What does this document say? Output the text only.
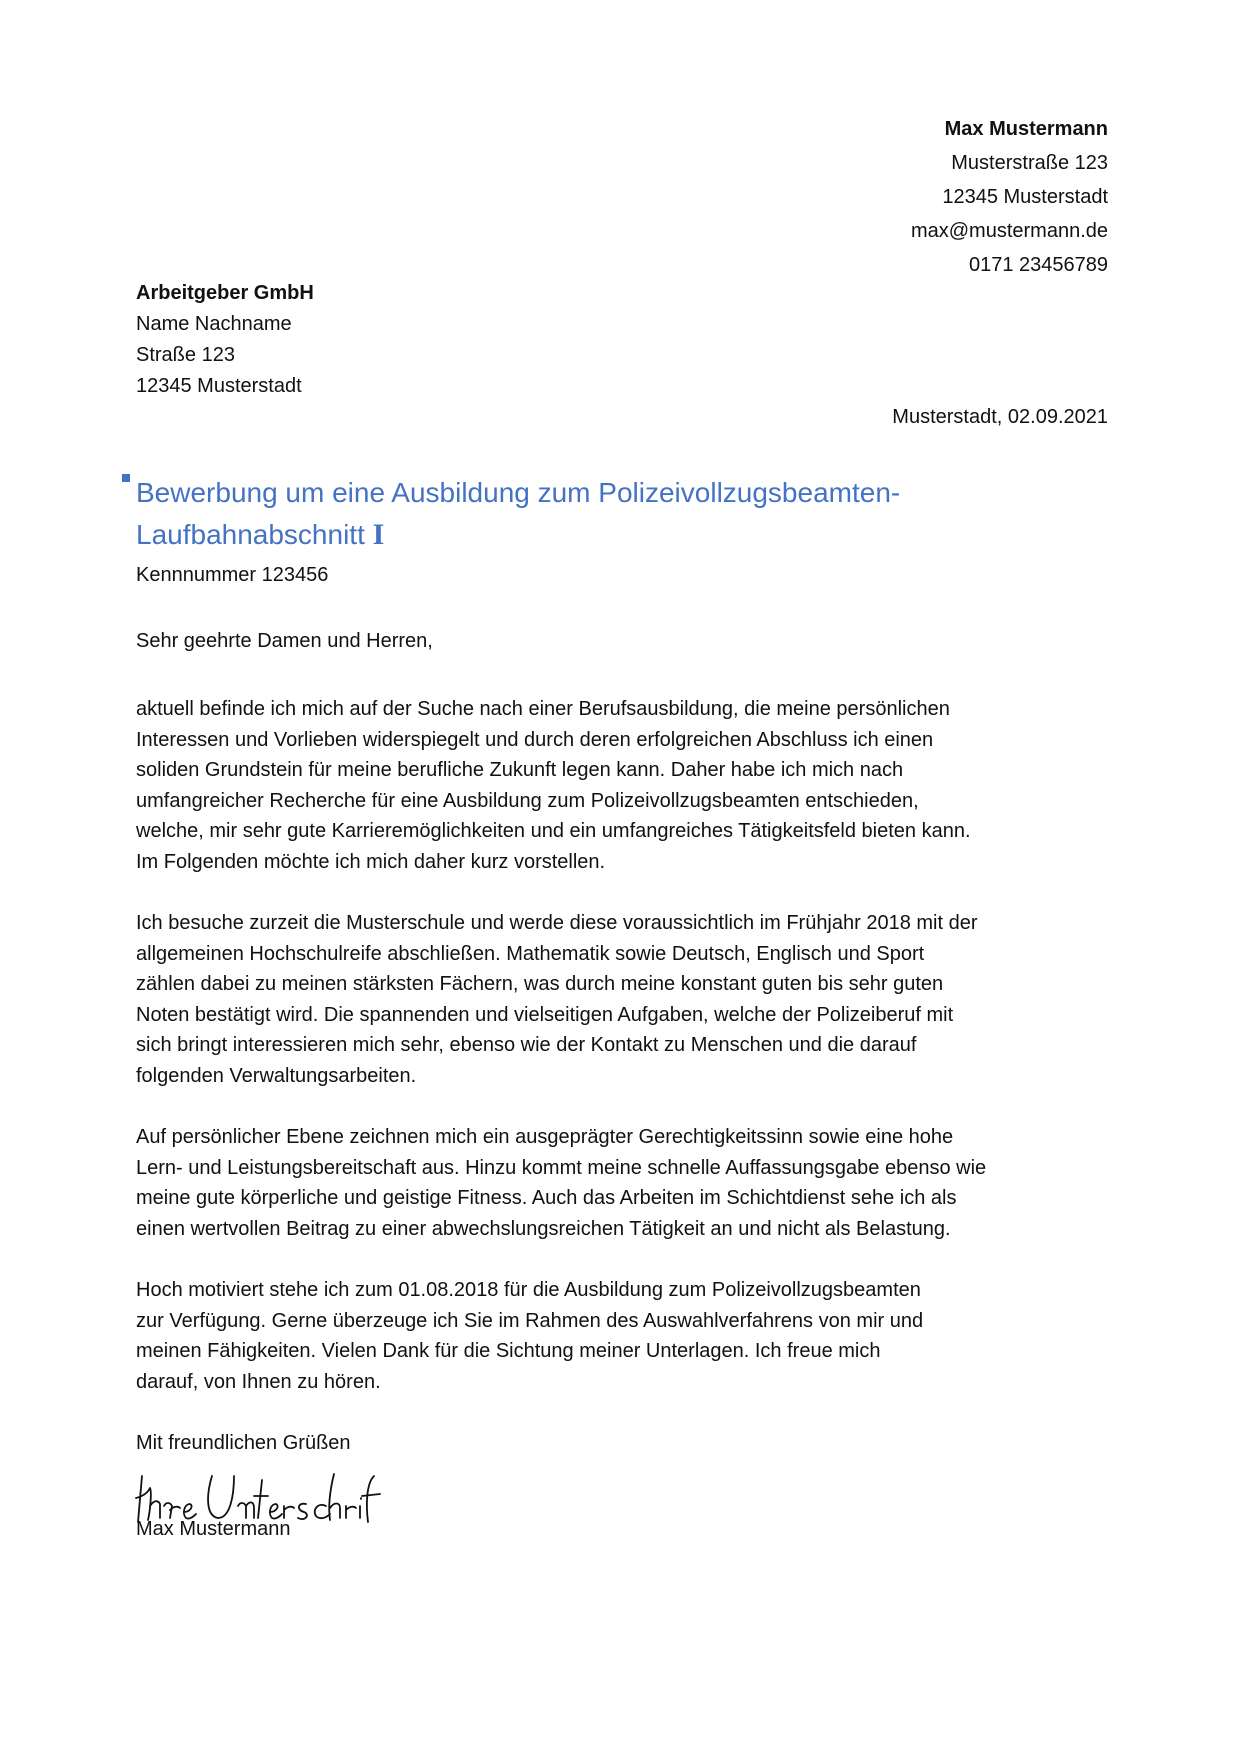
Max Mustermann
Musterstraße 123
12345 Musterstadt
max@mustermann.de
0171 23456789
Arbeitgeber GmbH
Name Nachname
Straße 123
12345 Musterstadt
Musterstadt, 02.09.2021
Bewerbung um eine Ausbildung zum Polizeivollzugsbeamten-
Laufbahnabschnitt I
Kennnummer 123456
Sehr geehrte Damen und Herren,
aktuell befinde ich mich auf der Suche nach einer Berufsausbildung, die meine persönlichen
Interessen und Vorlieben widerspiegelt und durch deren erfolgreichen Abschluss ich einen
soliden Grundstein für meine berufliche Zukunft legen kann. Daher habe ich mich nach
umfangreicher Recherche für eine Ausbildung zum Polizeivollzugsbeamten entschieden,
welche, mir sehr gute Karrieremöglichkeiten und ein umfangreiches Tätigkeitsfeld bieten kann.
Im Folgenden möchte ich mich daher kurz vorstellen.
Ich besuche zurzeit die Musterschule und werde diese voraussichtlich im Frühjahr 2018 mit der
allgemeinen Hochschulreife abschließen. Mathematik sowie Deutsch, Englisch und Sport
zählen dabei zu meinen stärksten Fächern, was durch meine konstant guten bis sehr guten
Noten bestätigt wird. Die spannenden und vielseitigen Aufgaben, welche der Polizeiberuf mit
sich bringt interessieren mich sehr, ebenso wie der Kontakt zu Menschen und die darauf
folgenden Verwaltungsarbeiten.
Auf persönlicher Ebene zeichnen mich ein ausgeprägter Gerechtigkeitssinn sowie eine hohe
Lern- und Leistungsbereitschaft aus. Hinzu kommt meine schnelle Auffassungsgabe ebenso wie
meine gute körperliche und geistige Fitness. Auch das Arbeiten im Schichtdienst sehe ich als
einen wertvollen Beitrag zu einer abwechslungsreichen Tätigkeit an und nicht als Belastung.
Hoch motiviert stehe ich zum 01.08.2018 für die Ausbildung zum Polizeivollzugsbeamten
zur Verfügung. Gerne überzeuge ich Sie im Rahmen des Auswahlverfahrens von mir und
meinen Fähigkeiten. Vielen Dank für die Sichtung meiner Unterlagen. Ich freue mich
darauf, von Ihnen zu hören.
Mit freundlichen Grüßen
Max Mustermann
